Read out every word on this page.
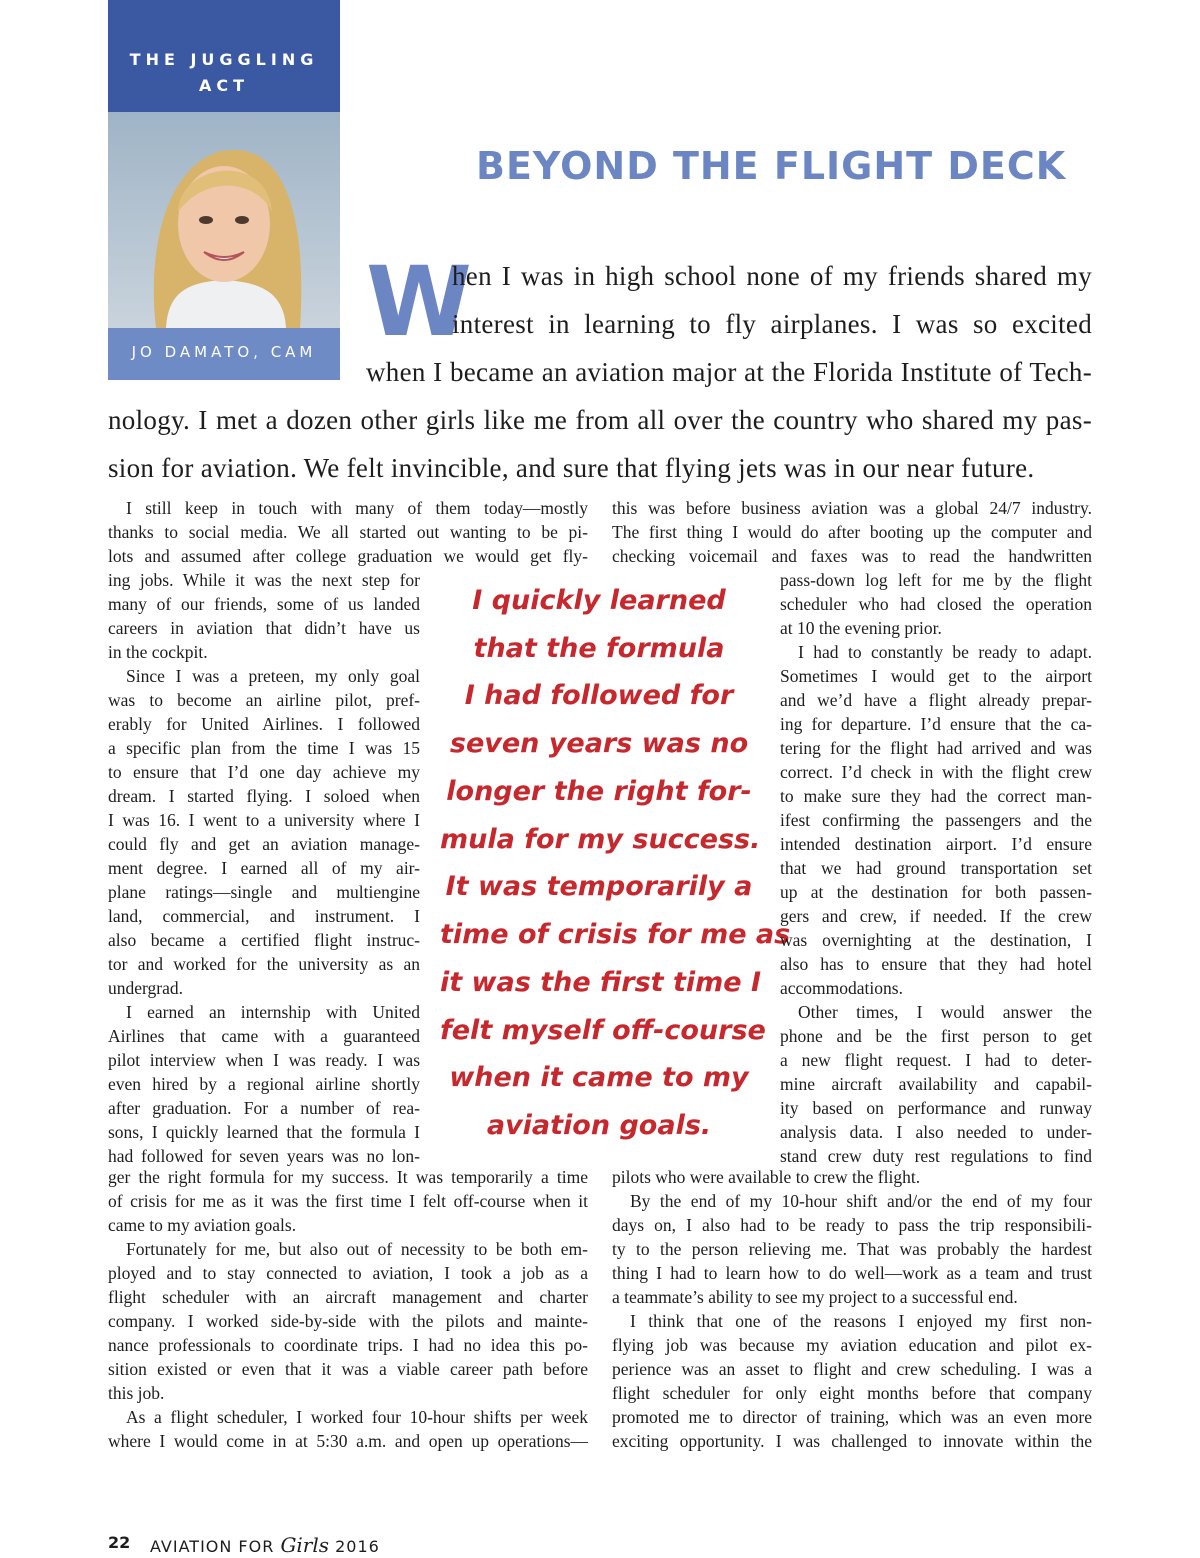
THE JUGGLING
ACT
JO DAMATO, CAM
BEYOND THE FLIGHT DECK
W
hen I was in high school none of my friends shared my
interest in learning to fly airplanes. I was so excited
when I became an aviation major at the Florida Institute of Tech-
nology. I met a dozen other girls like me from all over the country who shared my pas-
sion for aviation. We felt invincible, and sure that flying jets was in our near future.
I still keep in touch with many of them today—mostly
thanks to social media. We all started out wanting to be pi-
lots and assumed after college graduation we would get fly-
ing jobs. While it was the next step for
many of our friends, some of us landed
careers in aviation that didn’t have us
in the cockpit.
Since I was a preteen, my only goal
was to become an airline pilot, pref-
erably for United Airlines. I followed
a specific plan from the time I was 15
to ensure that I’d one day achieve my
dream. I started flying. I soloed when
I was 16. I went to a university where I
could fly and get an aviation manage-
ment degree. I earned all of my air-
plane ratings—single and multiengine
land, commercial, and instrument. I
also became a certified flight instruc-
tor and worked for the university as an
undergrad.
I earned an internship with United
Airlines that came with a guaranteed
pilot interview when I was ready. I was
even hired by a regional airline shortly
after graduation. For a number of rea-
sons, I quickly learned that the formula I
had followed for seven years was no lon-
ger the right formula for my success. It was temporarily a time
of crisis for me as it was the first time I felt off-course when it
came to my aviation goals.
Fortunately for me, but also out of necessity to be both em-
ployed and to stay connected to aviation, I took a job as a
flight scheduler with an aircraft management and charter
company. I worked side-by-side with the pilots and mainte-
nance professionals to coordinate trips. I had no idea this po-
sition existed or even that it was a viable career path before
this job.
As a flight scheduler, I worked four 10-hour shifts per week
where I would come in at 5:30 a.m. and open up operations—
I quickly learned
that the formula
I had followed for
seven years was no
longer the right for-
mula for my success.
It was temporarily a
time of crisis for me as
it was the first time I
felt myself off-course
when it came to my
aviation goals.
this was before business aviation was a global 24/7 industry.
The first thing I would do after booting up the computer and
checking voicemail and faxes was to read the handwritten
pass-down log left for me by the flight
scheduler who had closed the operation
at 10 the evening prior.
I had to constantly be ready to adapt.
Sometimes I would get to the airport
and we’d have a flight already prepar-
ing for departure. I’d ensure that the ca-
tering for the flight had arrived and was
correct. I’d check in with the flight crew
to make sure they had the correct man-
ifest confirming the passengers and the
intended destination airport. I’d ensure
that we had ground transportation set
up at the destination for both passen-
gers and crew, if needed. If the crew
was overnighting at the destination, I
also has to ensure that they had hotel
accommodations.
Other times, I would answer the
phone and be the first person to get
a new flight request. I had to deter-
mine aircraft availability and capabil-
ity based on performance and runway
analysis data. I also needed to under-
stand crew duty rest regulations to find
pilots who were available to crew the flight.
By the end of my 10-hour shift and/or the end of my four
days on, I also had to be ready to pass the trip responsibili-
ty to the person relieving me. That was probably the hardest
thing I had to learn how to do well—work as a team and trust
a teammate’s ability to see my project to a successful end.
I think that one of the reasons I enjoyed my first non-
flying job was because my aviation education and pilot ex-
perience was an asset to flight and crew scheduling. I was a
flight scheduler for only eight months before that company
promoted me to director of training, which was an even more
exciting opportunity. I was challenged to innovate within the
22 AVIATION FOR Girls 2016
